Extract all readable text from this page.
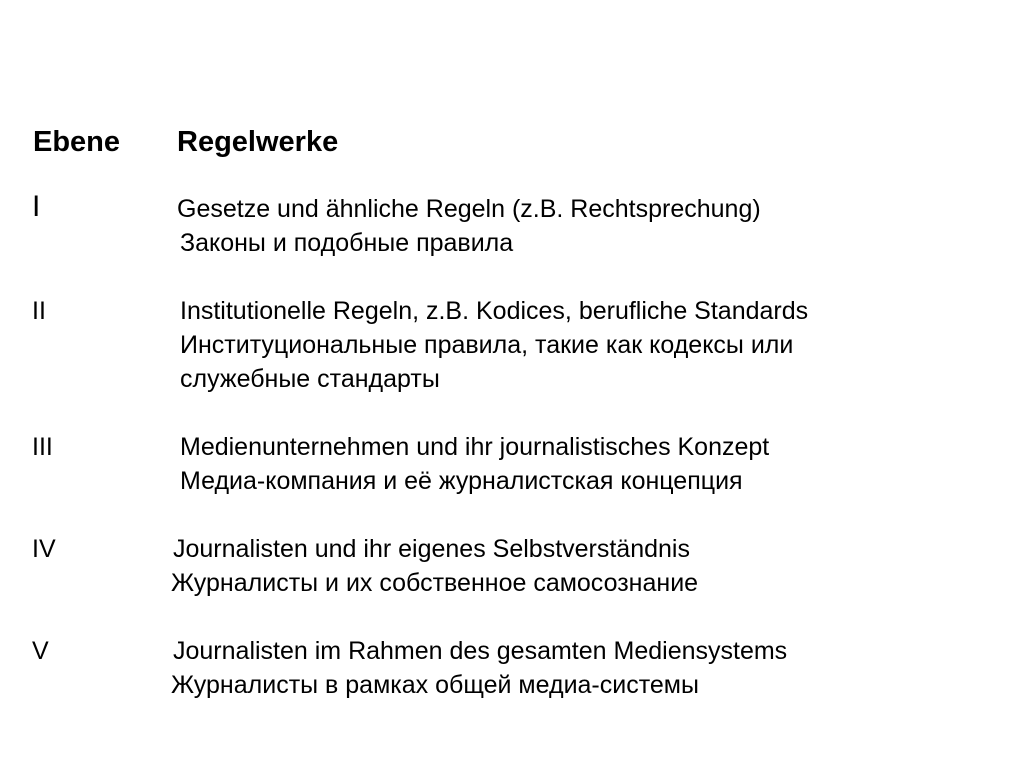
Ebene Regelwerke
I	Gesetze und ähnliche Regeln (z.B. Rechtsprechung)
Законы и подобные правила
II	Institutionelle Regeln, z.B. Kodices, berufliche Standards
Институциональные правила, такие как кодексы или
служебные стандарты
III	Medienunternehmen und ihr journalistisches Konzept
Медиа-компания и её журналистская концепция
IV	Journalisten und ihr eigenes Selbstverständnis
Журналисты и их собственное самосознание
V	Journalisten im Rahmen des gesamten Mediensystems
Журналисты в рамках общей медиа-системы
